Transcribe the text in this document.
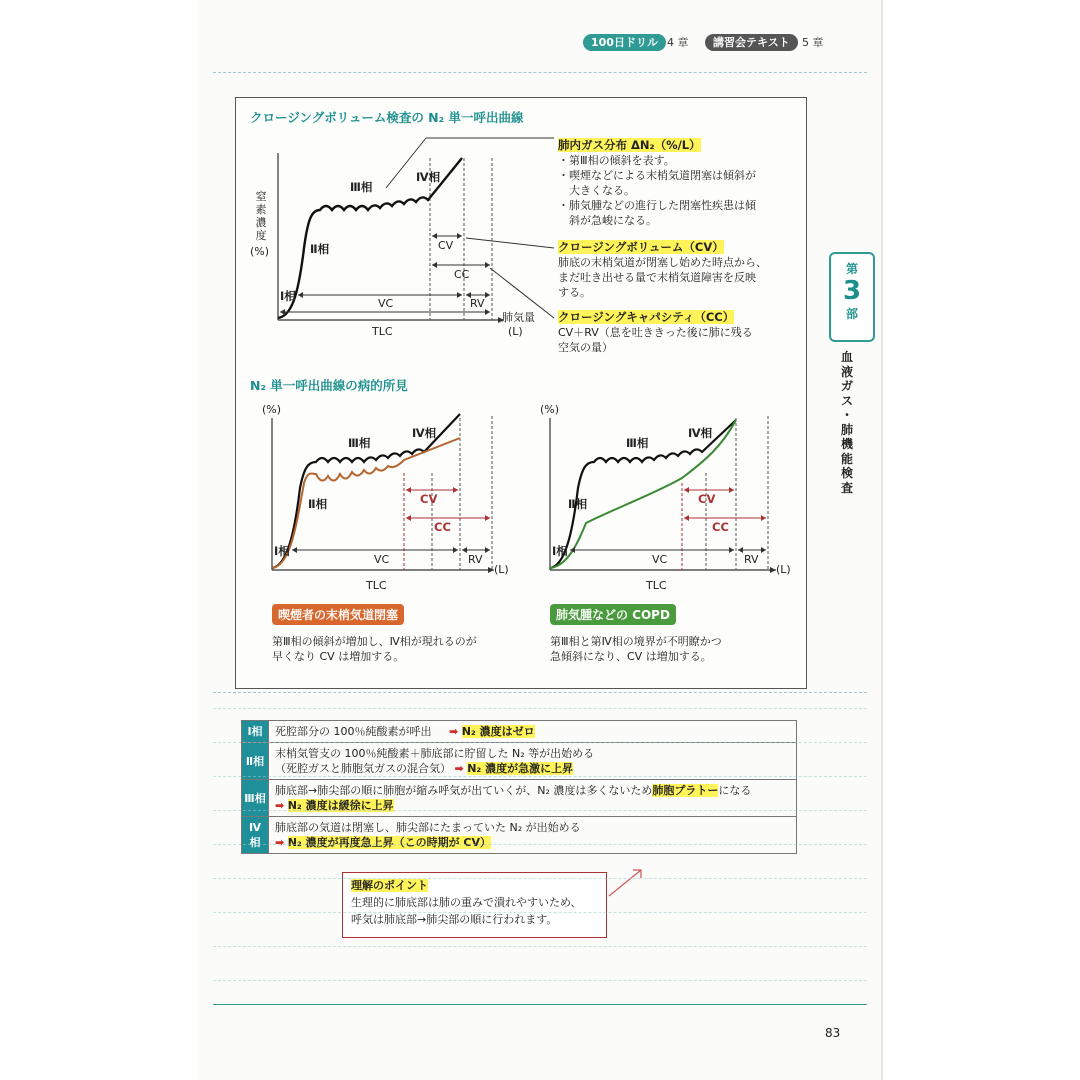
100日ドリル 4 章	講習会テキスト	5 章
第
3
部
血
液
ガ
ス
・
肺
機
能
検
査
クロージングボリューム検査の N₂ 単一呼出曲線
窒
素
濃
度
(%)
Ⅰ相
Ⅱ相
Ⅲ相
Ⅳ相
CV
CC
VC	RV
TLC
肺気量
(L)
肺内ガス分布 ΔN₂（%/L）
・第Ⅲ相の傾斜を表す。
・喫煙などによる末梢気道閉塞は傾斜が
　大きくなる。
・肺気腫などの進行した閉塞性疾患は傾
　斜が急峻になる。
クロージングボリューム（CV）
肺底の末梢気道が閉塞し始めた時点から、
まだ吐き出せる量で末梢気道障害を反映
する。
クロージングキャパシティ（CC）
CV＋RV（息を吐ききった後に肺に残る
空気の量）
N₂ 単一呼出曲線の病的所見
(%)
Ⅰ相
Ⅱ相
Ⅲ相
Ⅳ相
CV
CC
VC	RV
TLC
(L)
(%)
Ⅰ相
Ⅱ相
Ⅲ相
Ⅳ相
CV
CC
VC	RV
TLC
(L)
喫煙者の末梢気道閉塞	肺気腫などの COPD
第Ⅲ相の傾斜が増加し、Ⅳ相が現れるのが
早くなり CV は増加する。
第Ⅲ相と第Ⅳ相の境界が不明瞭かつ
急傾斜になり、CV は増加する。
Ⅰ相	死腔部分の 100％純酸素が呼出 ➡ N₂ 濃度はゼロ
Ⅱ相	末梢気管支の 100％純酸素＋肺底部に貯留した N₂ 等が出始める
（死腔ガスと肺胞気ガスの混合気） ➡ N₂ 濃度が急激に上昇

Ⅲ相	肺底部→肺尖部の順に肺胞が縮み呼気が出ていくが、N₂ 濃度は多くないため肺胞プラトーになる
➡ N₂ 濃度は緩徐に上昇

Ⅳ相	肺底部の気道は閉塞し、肺尖部にたまっていた N₂ が出始める
➡ N₂ 濃度が再度急上昇（この時期が CV）
理解のポイント
生理的に肺底部は肺の重みで潰れやすいため、
呼気は肺底部→肺尖部の順に行われます。
83
